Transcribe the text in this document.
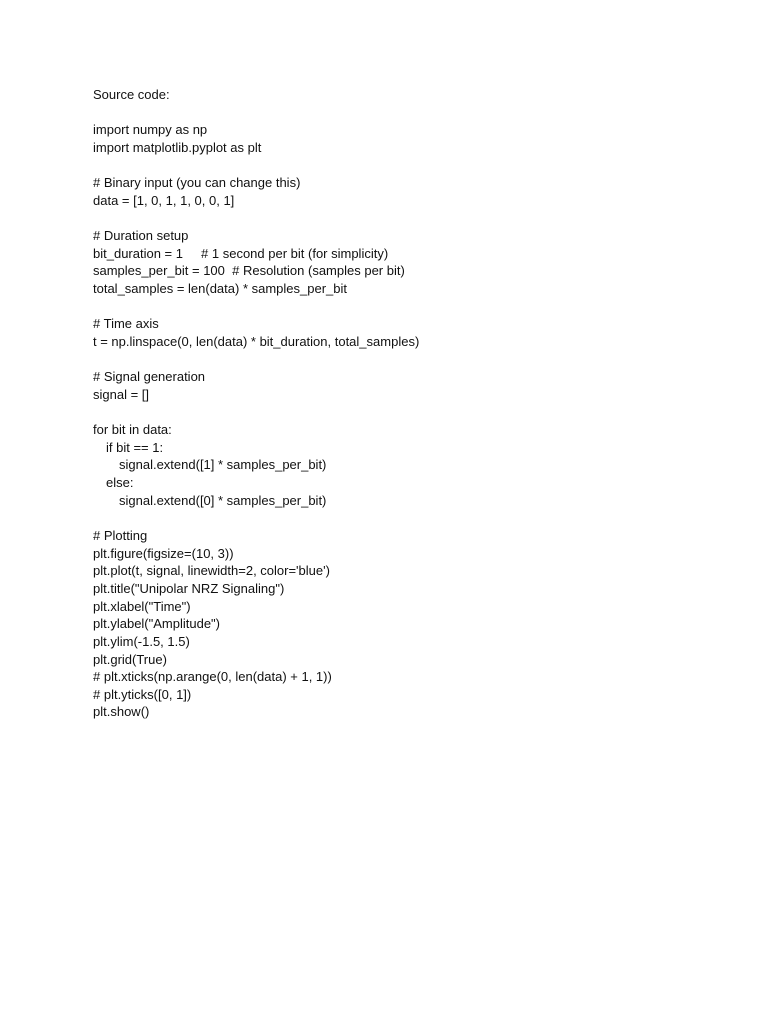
Source code:
import numpy as np
import matplotlib.pyplot as plt
# Binary input (you can change this)
data = [1, 0, 1, 1, 0, 0, 1]
# Duration setup
bit_duration = 1     # 1 second per bit (for simplicity)
samples_per_bit = 100  # Resolution (samples per bit)
total_samples = len(data) * samples_per_bit
# Time axis
t = np.linspace(0, len(data) * bit_duration, total_samples)
# Signal generation
signal = []
for bit in data:
if bit == 1:
signal.extend([1] * samples_per_bit)
else:
signal.extend([0] * samples_per_bit)
# Plotting
plt.figure(figsize=(10, 3))
plt.plot(t, signal, linewidth=2, color='blue')
plt.title("Unipolar NRZ Signaling")
plt.xlabel("Time")
plt.ylabel("Amplitude")
plt.ylim(-1.5, 1.5)
plt.grid(True)
# plt.xticks(np.arange(0, len(data) + 1, 1))
# plt.yticks([0, 1])
plt.show()
